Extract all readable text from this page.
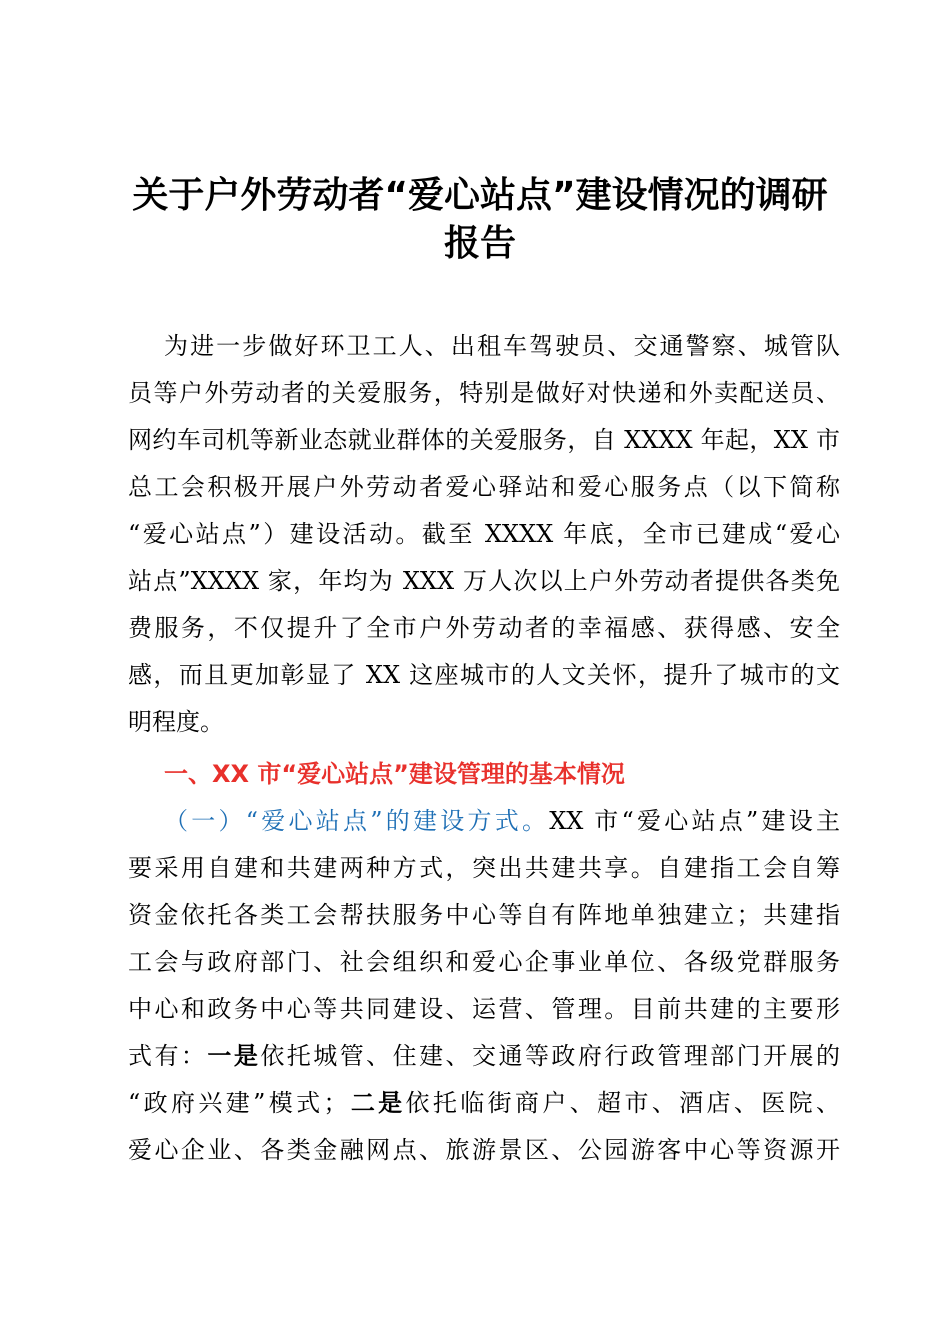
关于户外劳动者“爱心站点”建设情况的调研
报告

为进一步做好环卫工人、出租车驾驶员、交通警察、城管队

员等户外劳动者的关爱服务，特别是做好对快递和外卖配送员、

网约车司机等新业态就业群体的关爱服务，自 XXXX 年起，XX 市

总工会积极开展户外劳动者爱心驿站和爱心服务点（以下简称

“爱心站点”）建设活动。截至 XXXX 年底，全市已建成“爱心

站点”XXXX 家，年均为 XXX 万人次以上户外劳动者提供各类免

费服务，不仅提升了全市户外劳动者的幸福感、获得感、安全

感，而且更加彰显了 XX 这座城市的人文关怀，提升了城市的文

明程度。

一、XX 市“爱心站点”建设管理的基本情况

（一）“爱心站点”的建设方式。XX 市“爱心站点”建设主

要采用自建和共建两种方式，突出共建共享。自建指工会自筹

资金依托各类工会帮扶服务中心等自有阵地单独建立；共建指

工会与政府部门、社会组织和爱心企事业单位、各级党群服务

中心和政务中心等共同建设、运营、管理。目前共建的主要形

式有：一是依托城管、住建、交通等政府行政管理部门开展的

“政府兴建”模式；二是依托临街商户、超市、酒店、医院、

爱心企业、各类金融网点、旅游景区、公园游客中心等资源开
